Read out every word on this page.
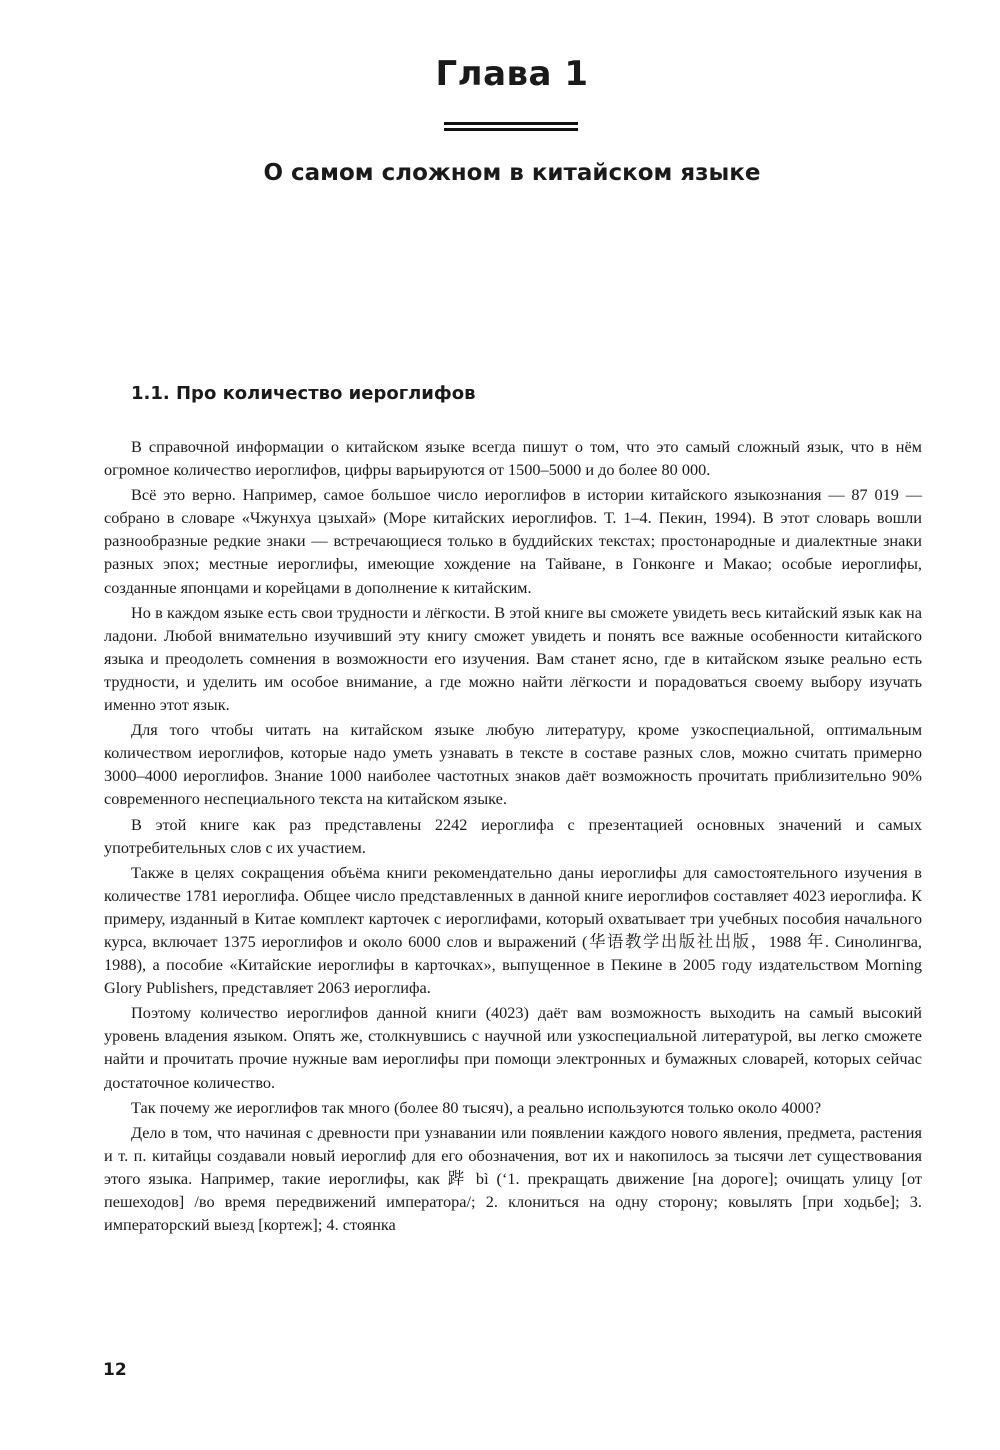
Глава 1
О самом сложном в китайском языке
1.1. Про количество иероглифов

В справочной информации о китайском языке всегда пишут о том, что это самый сложный язык, что в нём огромное количество иероглифов, цифры варьируются от 1500–5000 и до более 80 000.

Всё это верно. Например, самое большое число иероглифов в истории китайского языкознания — 87 019 — собрано в словаре «Чжунхуа цзыхай» (Море китайских иероглифов. Т. 1–4. Пекин, 1994). В этот словарь вошли разнообразные редкие знаки — встречающиеся только в буддийских текстах; простонародные и диалектные знаки разных эпох; местные иероглифы, имеющие хождение на Тайване, в Гонконге и Макао; особые иероглифы, созданные японцами и корейцами в дополнение к китайским.

Но в каждом языке есть свои трудности и лёгкости. В этой книге вы сможете увидеть весь китайский язык как на ладони. Любой внимательно изучивший эту книгу сможет увидеть и понять все важные особенности китайского языка и преодолеть сомнения в возможности его изучения. Вам станет ясно, где в китайском языке реально есть трудности, и уделить им особое внимание, а где можно найти лёгкости и порадоваться своему выбору изучать именно этот язык.

Для того чтобы читать на китайском языке любую литературу, кроме узкоспециальной, оптимальным количеством иероглифов, которые надо уметь узнавать в тексте в составе разных слов, можно считать примерно 3000–4000 иероглифов. Знание 1000 наиболее частотных знаков даёт возможность прочитать приблизительно 90% современного неспециального текста на китайском языке.

В этой книге как раз представлены 2242 иероглифа с презентацией основных значений и самых употребительных слов с их участием.

Также в целях сокращения объёма книги рекомендательно даны иероглифы для самостоятельного изучения в количестве 1781 иероглифа. Общее число представленных в данной книге иероглифов составляет 4023 иероглифа. К примеру, изданный в Китае комплект карточек с иероглифами, который охватывает три учебных пособия начального курса, включает 1375 иероглифов и около 6000 слов и выражений (华语教学出版社出版，1988 年. Синолингва, 1988), а пособие «Китайские иероглифы в карточках», выпущенное в Пекине в 2005 году издательством Morning Glory Publishers, представляет 2063 иероглифа.

Поэтому количество иероглифов данной книги (4023) даёт вам возможность выходить на самый высокий уровень владения языком. Опять же, столкнувшись с научной или узкоспециальной литературой, вы легко сможете найти и прочитать прочие нужные вам иероглифы при помощи электронных и бумажных словарей, которых сейчас достаточное количество.

Так почему же иероглифов так много (более 80 тысяч), а реально используются только около 4000?

Дело в том, что начиная с древности при узнавании или появлении каждого нового явления, предмета, растения и т. п. китайцы создавали новый иероглиф для его обозначения, вот их и накопилось за тысячи лет существования этого языка. Например, такие иероглифы, как 跸 bì (‘1. прекращать движение [на дороге]; очищать улицу [от пешеходов] /во время передвижений императора/; 2. клониться на одну сторону; ковылять [при ходьбе]; 3. императорский выезд [кортеж]; 4. стоянка

12
